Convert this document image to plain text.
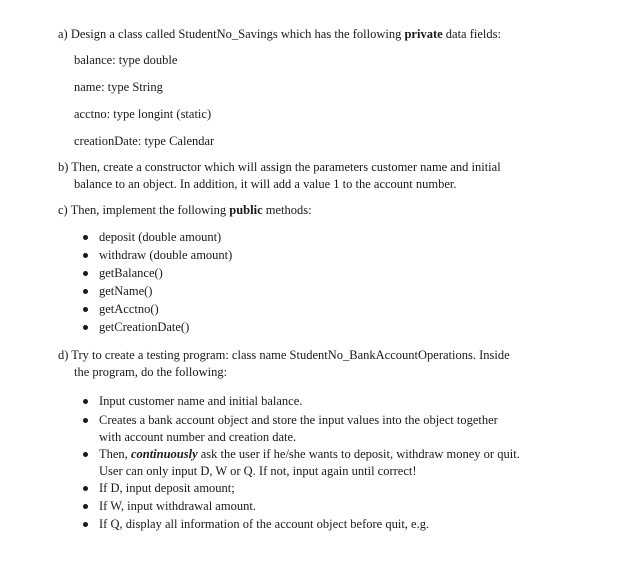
a) Design a class called StudentNo_Savings which has the following private data fields:
balance: type double
name: type String
acctno: type longint (static)
creationDate: type Calendar
b) Then, create a constructor which will assign the parameters customer name and initial
balance to an object. In addition, it will add a value 1 to the account number.
c) Then, implement the following public methods:
deposit (double amount)
withdraw (double amount)
getBalance()
getName()
getAcctno()
getCreationDate()
d) Try to create a testing program: class name StudentNo_BankAccountOperations. Inside
the program, do the following:
Input customer name and initial balance.
Creates a bank account object and store the input values into the object together
with account number and creation date.
Then, continuously ask the user if he/she wants to deposit, withdraw money or quit.
User can only input D, W or Q. If not, input again until correct!
If D, input deposit amount;
If W, input withdrawal amount.
If Q, display all information of the account object before quit, e.g.
